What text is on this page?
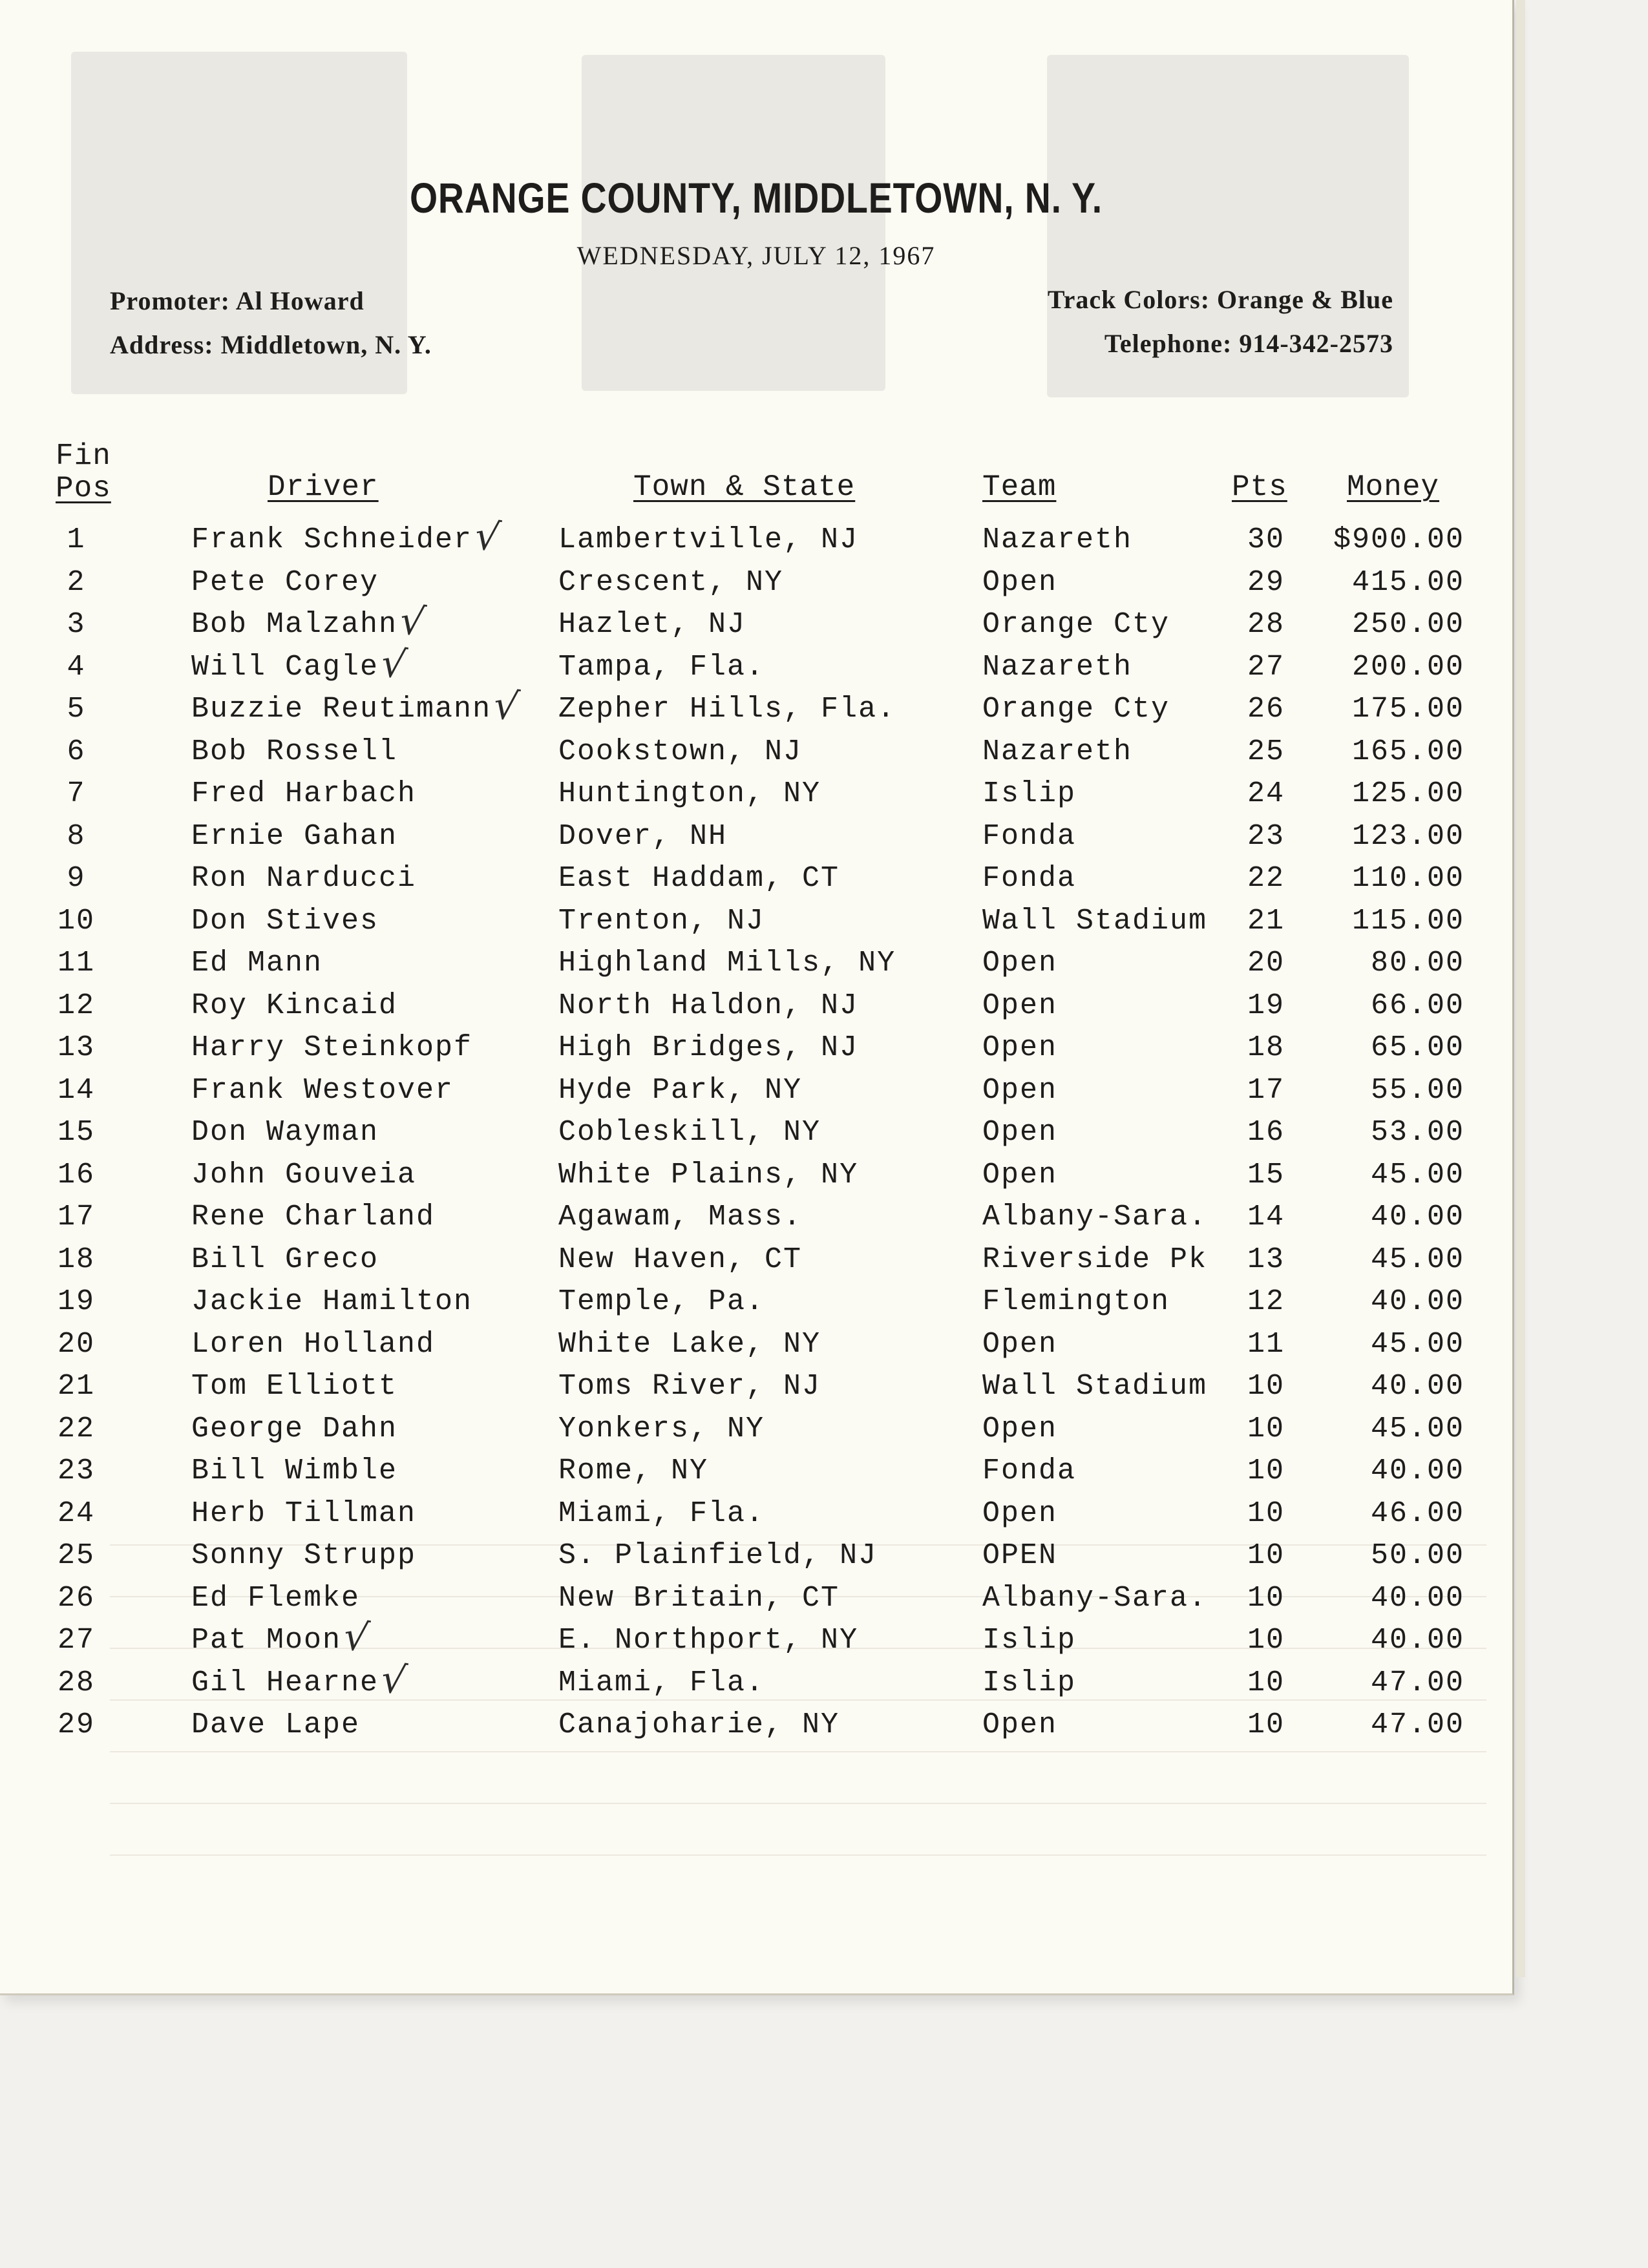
ORANGE COUNTY, MIDDLETOWN, N. Y.
WEDNESDAY, JULY 12, 1967
Promoter: Al Howard
Address: Middletown, N. Y.
Track Colors: Orange & Blue
Telephone: 914-342-2573
Fin
Pos	Driver	Town & State	Team	Pts Money
1	Frank Schneider	Lambertville, NJ	Nazareth	30 $900.00
√
2	Pete Corey	Crescent, NY	Open	29	415.00
3	Bob Malzahn	Hazlet, NJ	Orange Cty	28	250.00
√
4	Will Cagle	Tampa, Fla.	Nazareth	27	200.00
√
5	Buzzie Reutimann Zepher Hills, Fla.	Orange Cty	26	175.00
√
6	Bob Rossell	Cookstown, NJ	Nazareth	25	165.00
7	Fred Harbach	Huntington, NY	Islip	24	125.00
8	Ernie Gahan	Dover, NH	Fonda	23	123.00
9	Ron Narducci	East Haddam, CT	Fonda	22	110.00
10	Don Stives	Trenton, NJ	Wall Stadium	21	115.00
11	Ed Mann	Highland Mills, NY	Open	20	80.00
12	Roy Kincaid	North Haldon, NJ	Open	19	66.00
13	Harry Steinkopf	High Bridges, NJ	Open	18	65.00
14	Frank Westover	Hyde Park, NY	Open	17	55.00
15	Don Wayman	Cobleskill, NY	Open	16	53.00
16	John Gouveia	White Plains, NY	Open	15	45.00
17	Rene Charland	Agawam, Mass.	Albany-Sara.	14	40.00
18	Bill Greco	New Haven, CT	Riverside Pk	13	45.00
19	Jackie Hamilton	Temple, Pa.	Flemington	12	40.00
20	Loren Holland	White Lake, NY	Open	11	45.00
21	Tom Elliott	Toms River, NJ	Wall Stadium	10	40.00
22	George Dahn	Yonkers, NY	Open	10	45.00
23	Bill Wimble	Rome, NY	Fonda	10	40.00
24	Herb Tillman	Miami, Fla.	Open	10	46.00
25	Sonny Strupp	S. Plainfield, NJ	OPEN	10	50.00
26	Ed Flemke	New Britain, CT	Albany-Sara.	10	40.00
27	Pat Moon	E. Northport, NY	Islip	10	40.00
√
28	Gil Hearne	Miami, Fla.	Islip	10	47.00
√
29	Dave Lape	Canajoharie, NY	Open	10	47.00
